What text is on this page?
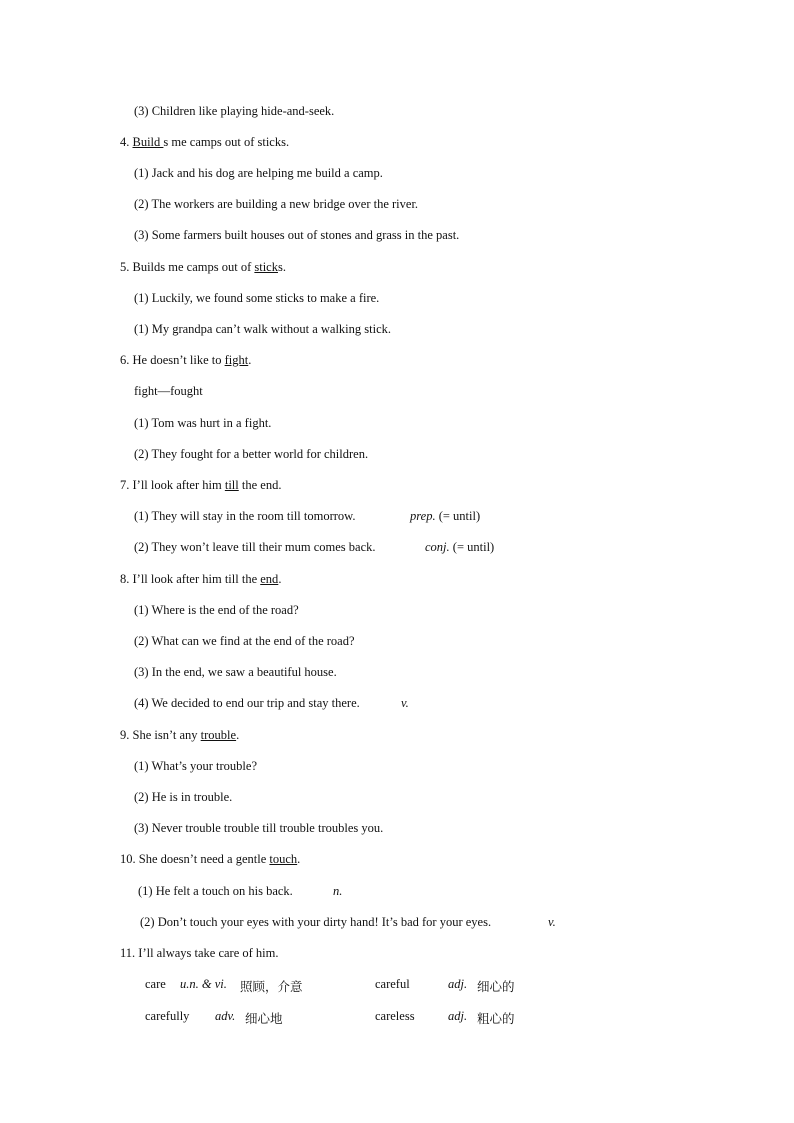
(3) Children like playing hide-and-seek.
4. Build s me camps out of sticks.
(1) Jack and his dog are helping me build a camp.
(2) The workers are building a new bridge over the river.
(3) Some farmers built houses out of stones and grass in the past.
5. Builds me camps out of sticks.
(1) Luckily, we found some sticks to make a fire.
(1) My grandpa can’t walk without a walking stick.
6. He doesn’t like to fight.
fight—fought
(1) Tom was hurt in a fight.
(2) They fought for a better world for children.
7. I’ll look after him till the end.
(1) They will stay in the room till tomorrow.	prep. (= until)
(2) They won’t leave till their mum comes back.	conj. (= until)
8. I’ll look after him till the end.
(1) Where is the end of the road?
(2) What can we find at the end of the road?
(3) In the end, we saw a beautiful house.
(4) We decided to end our trip and stay there.	v.
9. She isn’t any trouble.
(1) What’s your trouble?
(2) He is in trouble.
(3) Never trouble trouble till trouble troubles you.
10. She doesn’t need a gentle touch.
(1) He felt a touch on his back.	n.
(2) Don’t touch your eyes with your dirty hand! It’s bad for your eyes.	v.
11. I’ll always take care of him.
care u.n. & vi. 照顾，介意	careful	adj. 细心的
carefully adv. 细心地	careless	adj. 粗心的
